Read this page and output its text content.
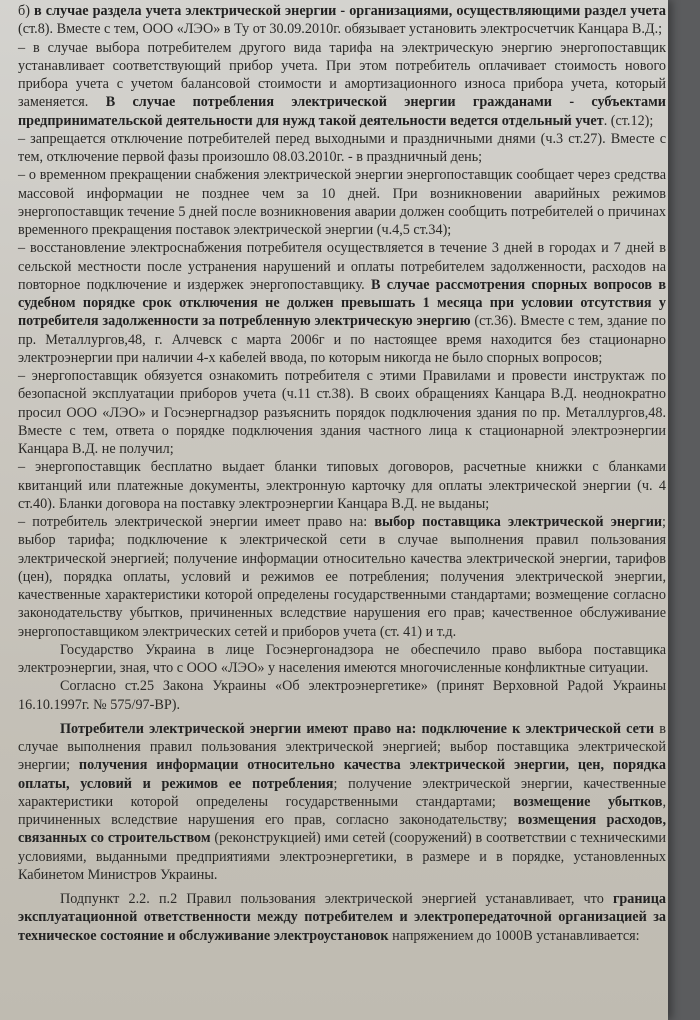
б) в случае раздела учета электрической энергии - организациями, осуществляющими раздел учета (ст.8). Вместе с тем, ООО «ЛЭО» в Ту от 30.09.2010г. обязывает установить электросчетчик Канцара В.Д.;

– в случае выбора потребителем другого вида тарифа на электрическую энергию энергопоставщик устанавливает соответствующий прибор учета. При этом потребитель оплачивает стоимость нового прибора учета с учетом балансовой стоимости и амортизационного износа прибора учета, который заменяется. В случае потребления электрической энергии гражданами - субъектами предпринимательской деятельности для нужд такой деятельности ведется отдельный учет. (ст.12);

– запрещается отключение потребителей перед выходными и праздничными днями (ч.3 ст.27). Вместе с тем, отключение первой фазы произошло 08.03.2010г. - в праздничный день;

– о временном прекращении снабжения электрической энергии энергопоставщик сообщает через средства массовой информации не позднее чем за 10 дней. При возникновении аварийных режимов энергопоставщик течение 5 дней после возникновения аварии должен сообщить потребителей о причинах временного прекращения поставок электрической энергии (ч.4,5 ст.34);

– восстановление электроснабжения потребителя осуществляется в течение 3 дней в городах и 7 дней в сельской местности после устранения нарушений и оплаты потребителем задолженности, расходов на повторное подключение и издержек энергопоставщику. В случае рассмотрения спорных вопросов в судебном порядке срок отключения не должен превышать 1 месяца при условии отсутствия у потребителя задолженности за потребленную электрическую энергию (ст.36). Вместе с тем, здание по пр. Металлургов,48, г. Алчевск с марта 2006г и по настоящее время находится без стационарно электроэнергии при наличии 4-х кабелей ввода, по которым никогда не было спорных вопросов;

– энергопоставщик обязуется ознакомить потребителя с этими Правилами и провести инструктаж по безопасной эксплуатации приборов учета (ч.11 ст.38). В своих обращениях Канцара В.Д. неоднократно просил ООО «ЛЭО» и Госэнергнадзор разъяснить порядок подключения здания по пр. Металлургов,48. Вместе с тем, ответа о порядке подключения здания частного лица к стационарной электроэнергии Канцара В.Д. не получил;

– энергопоставщик бесплатно выдает бланки типовых договоров, расчетные книжки с бланками квитанций или платежные документы, электронную карточку для оплаты электрической энергии (ч. 4 ст.40). Бланки договора на поставку электроэнергии Канцара В.Д. не выданы;

– потребитель электрической энергии имеет право на: выбор поставщика электрической энергии; выбор тарифа; подключение к электрической сети в случае выполнения правил пользования электрической энергией; получение информации относительно качества электрической энергии, тарифов (цен), порядка оплаты, условий и режимов ее потребления; получения электрической энергии, качественные характеристики которой определены государственными стандартами; возмещение согласно законодательству убытков, причиненных вследствие нарушения его прав; качественное обслуживание энергопоставщиком электрических сетей и приборов учета (ст. 41) и т.д.

Государство Украина в лице Госэнергонадзора не обеспечило право выбора поставщика электроэнергии, зная, что с ООО «ЛЭО» у населения имеются многочисленные конфликтные ситуации.

Согласно ст.25 Закона Украины «Об электроэнергетике» (принят Верховной Радой Украины 16.10.1997г. № 575/97-ВР).

Потребители электрической энергии имеют право на: подключение к электрической сети в случае выполнения правил пользования электрической энергией; выбор поставщика электрической энергии; получения информации относительно качества электрической энергии, цен, порядка оплаты, условий и режимов ее потребления; получение электрической энергии, качественные характеристики которой определены государственными стандартами; возмещение убытков, причиненных вследствие нарушения его прав, согласно законодательству; возмещения расходов, связанных со строительством (реконструкцией) ими сетей (сооружений) в соответствии с техническими условиями, выданными предприятиями электроэнергетики, в размере и в порядке, установленных Кабинетом Министров Украины.

Подпункт 2.2. п.2 Правил пользования электрической энергией устанавливает, что граница эксплуатационной ответственности между потребителем и электропередаточной организацией за техническое состояние и обслуживание электроустановок напряжением до 1000В устанавливается:
